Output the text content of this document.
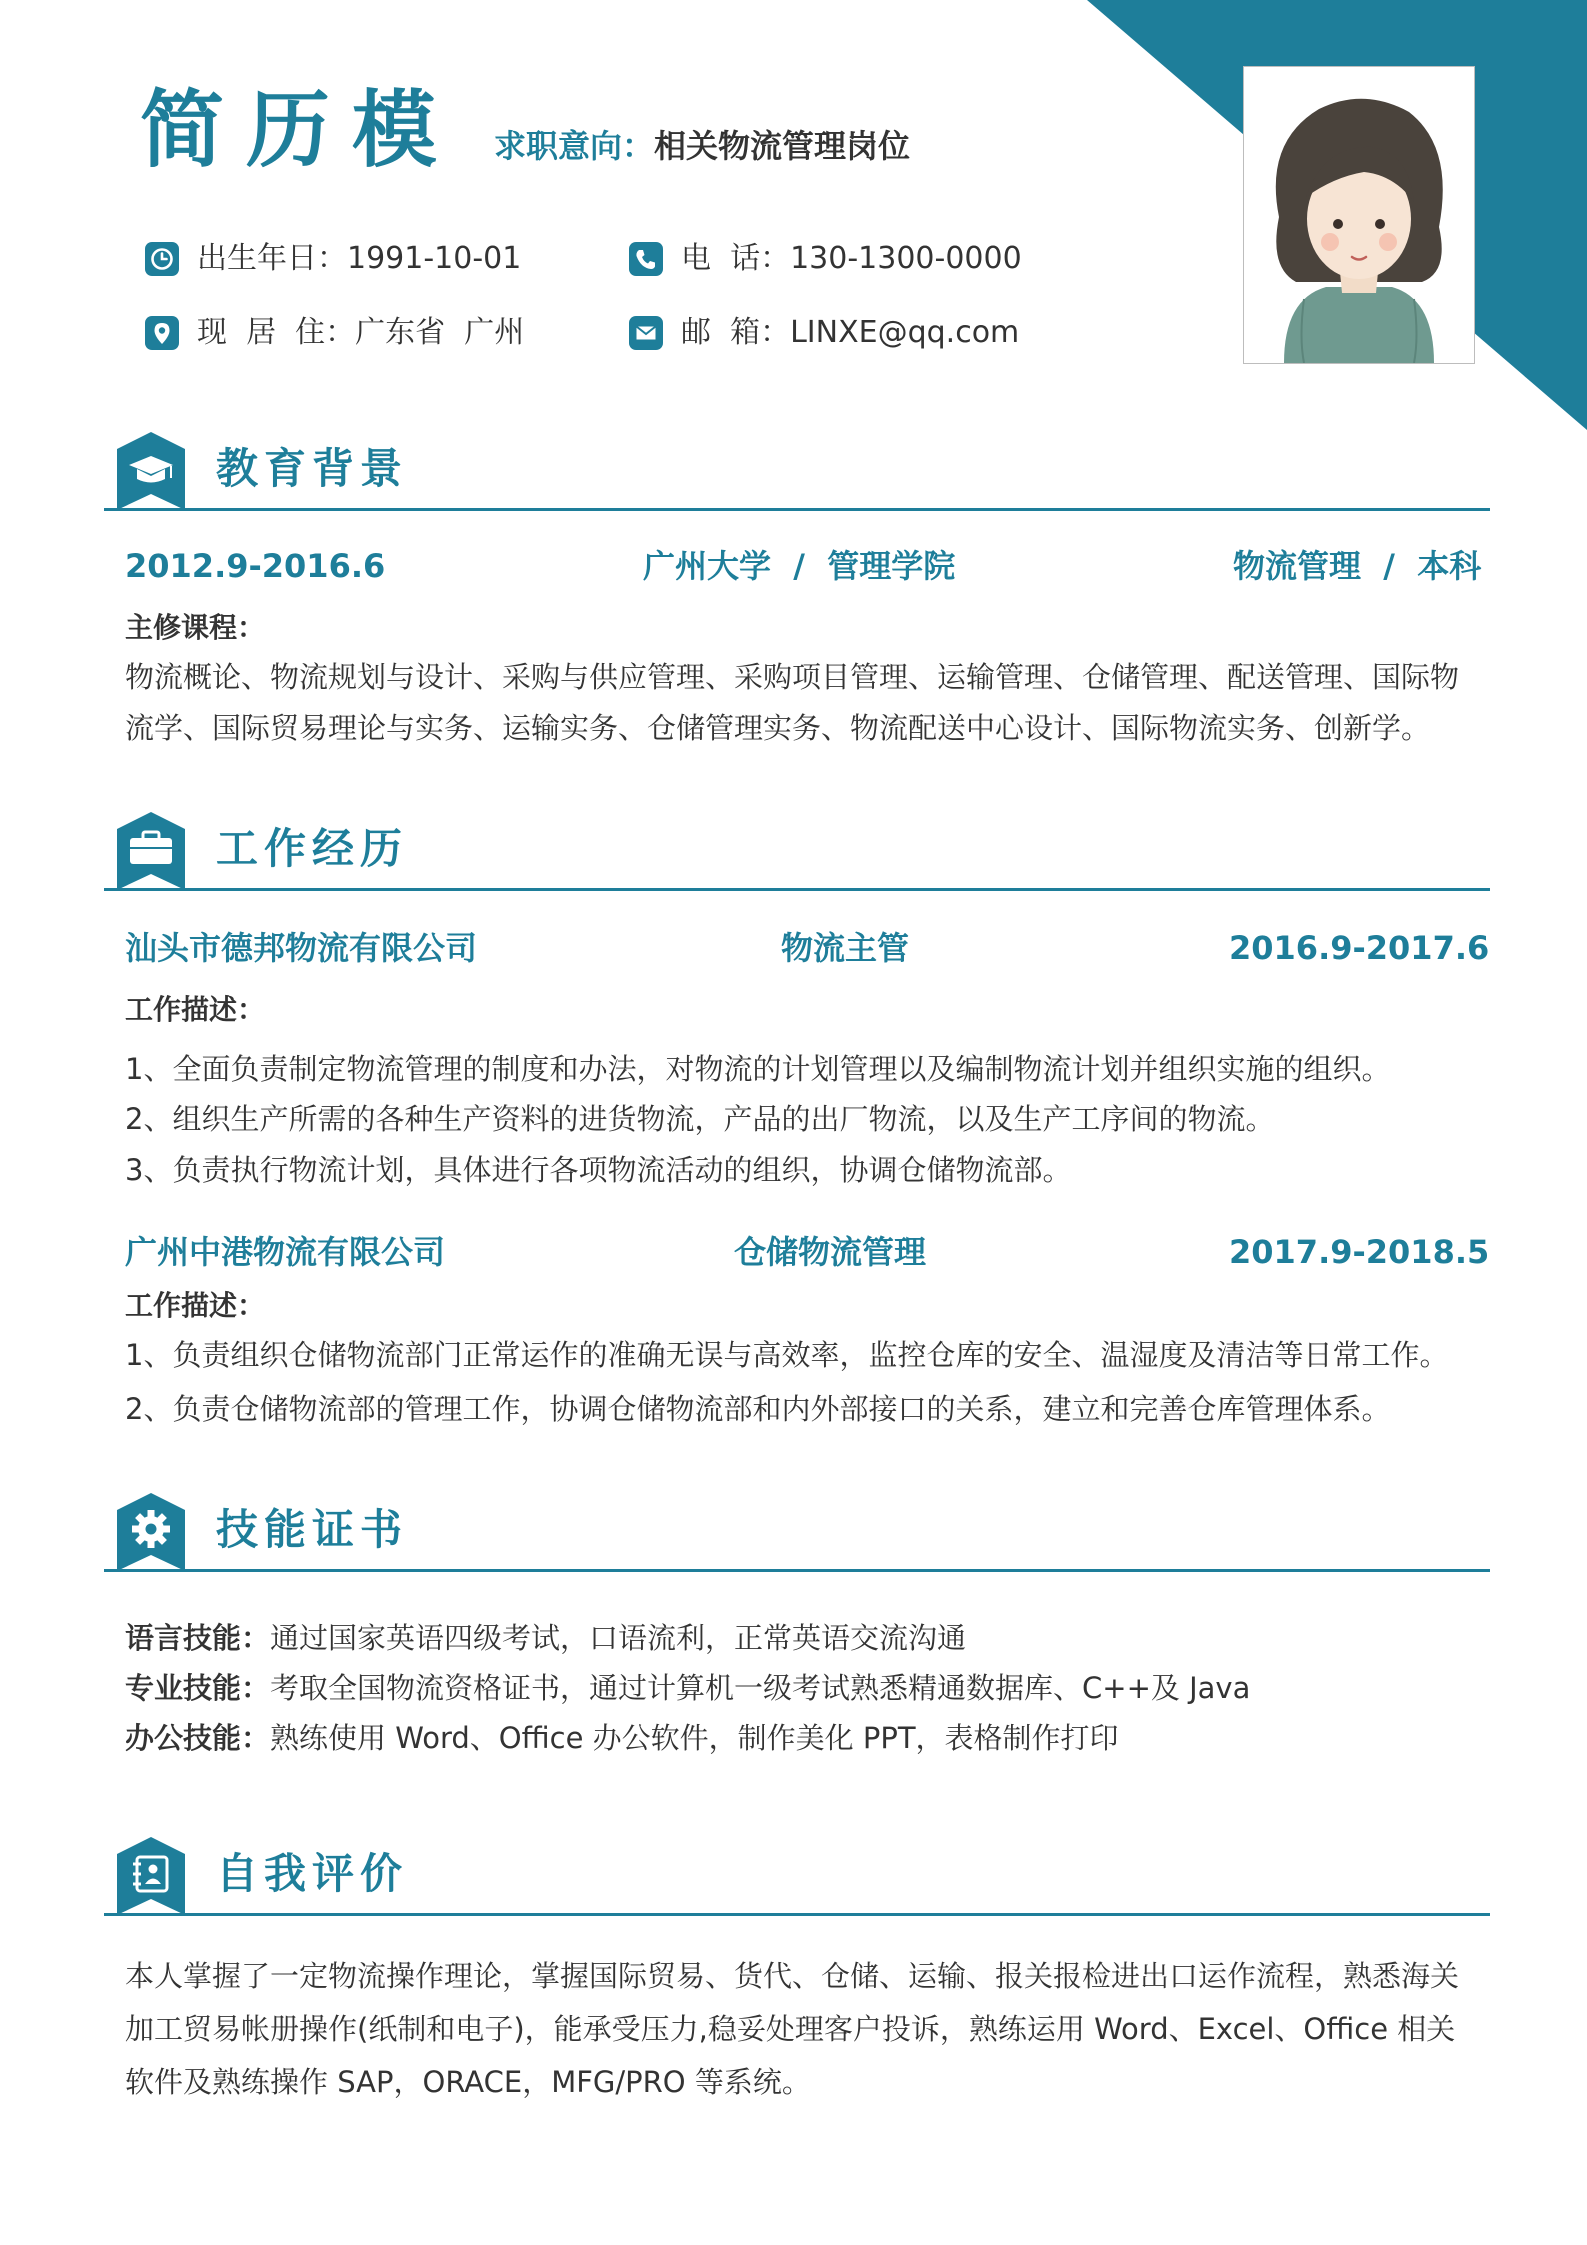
简历模 求职意向：相关物流管理岗位
出生年日：1991-10-01	电  话：130-1300-0000
现  居  住：广东省  广州	邮  箱：LINXE@qq.com
教育背景
2012.9-2016.6	广州大学  /  管理学院	物流管理  /  本科
主修课程：
物流概论、物流规划与设计、采购与供应管理、采购项目管理、运输管理、仓储管理、配送管理、国际物流学、国际贸易理论与实务、运输实务、仓储管理实务、物流配送中心设计、国际物流实务、创新学。
工作经历
汕头市德邦物流有限公司	物流主管	2016.9-2017.6
工作描述：
1、全面负责制定物流管理的制度和办法，对物流的计划管理以及编制物流计划并组织实施的组织。
2、组织生产所需的各种生产资料的进货物流，产品的出厂物流，以及生产工序间的物流。
3、负责执行物流计划，具体进行各项物流活动的组织，协调仓储物流部。
广州中港物流有限公司	仓储物流管理	2017.9-2018.5
工作描述：
1、负责组织仓储物流部门正常运作的准确无误与高效率，监控仓库的安全、温湿度及清洁等日常工作。
2、负责仓储物流部的管理工作，协调仓储物流部和内外部接口的关系，建立和完善仓库管理体系。
技能证书
语言技能：通过国家英语四级考试，口语流利，正常英语交流沟通
专业技能：考取全国物流资格证书，通过计算机一级考试熟悉精通数据库、C++及 Java
办公技能：熟练使用 Word、Office 办公软件，制作美化 PPT，表格制作打印
自我评价
本人掌握了一定物流操作理论，掌握国际贸易、货代、仓储、运输、报关报检进出口运作流程，熟悉海关加工贸易帐册操作(纸制和电子)，能承受压力,稳妥处理客户投诉，熟练运用 Word、Excel、Office 相关软件及熟练操作 SAP，ORACE，MFG/PRO 等系统。
